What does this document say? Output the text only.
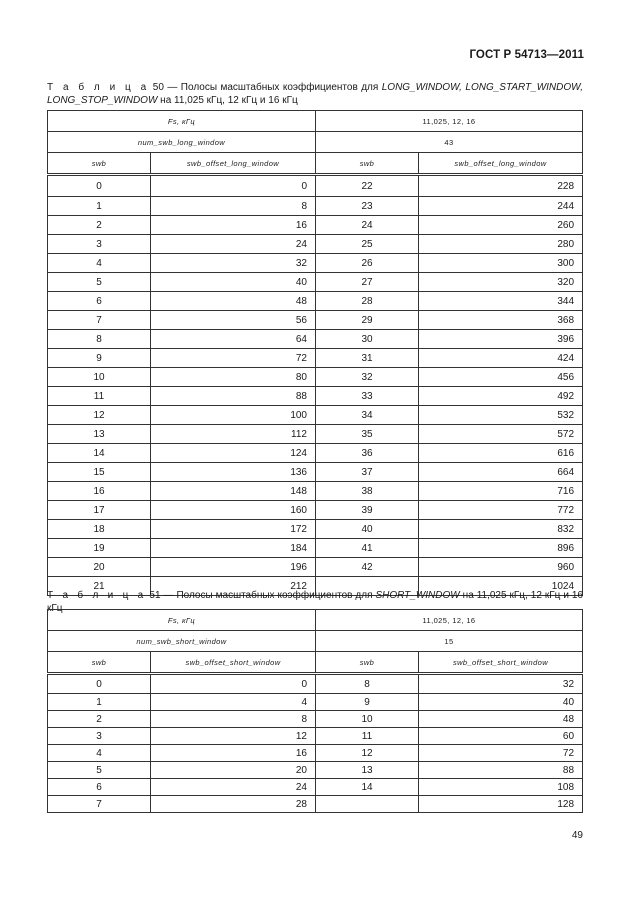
ГОСТ Р 54713—2011
Т а б л и ц а 50 — Полосы масштабных коэффициентов для LONG_WINDOW, LONG_START_WINDOW, LONG_STOP_WINDOW на 11,025 кГц, 12 кГц и 16 кГц
Fs, кГц		11,025, 12, 16	
num_swb_long_window		43	
swb	swb_offset_long_window	swb	swb_offset_long_window
0	0	22	228
1	8	23	244
2	16	24	260
3	24	25	280
4	32	26	300
5	40	27	320
6	48	28	344
7	56	29	368
8	64	30	396
9	72	31	424
10	80	32	456
11	88	33	492
12	100	34	532
13	112	35	572
14	124	36	616
15	136	37	664
16	148	38	716
17	160	39	772
18	172	40	832
19	184	41	896
20	196	42	960
21	212		1024
Т а б л и ц а 51 — Полосы масштабных коэффициентов для SHORT_WINDOW на 11,025 кГц, 12 кГц и 16 кГц
Fs, кГц		11,025, 12, 16	
num_swb_short_window		15	
swb	swb_offset_short_window	swb	swb_offset_short_window
0	0	8	32
1	4	9	40
2	8	10	48
3	12	11	60
4	16	12	72
5	20	13	88
6	24	14	108
7	28		128
49
